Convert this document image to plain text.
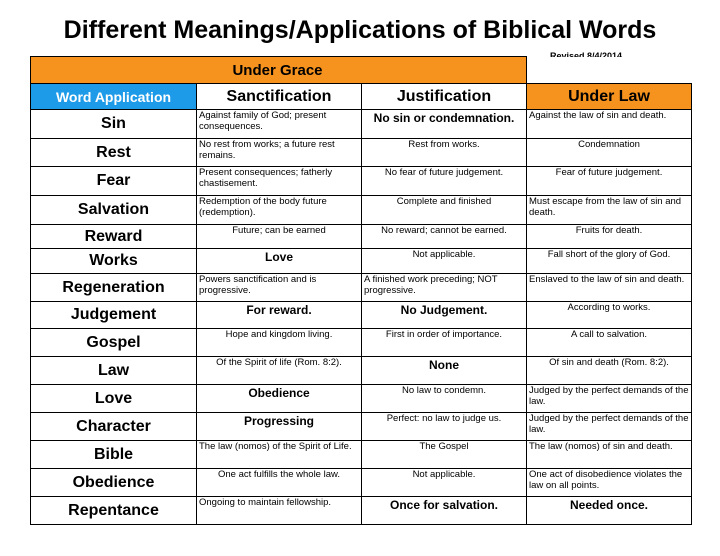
Different Meanings/Applications of Biblical Words
Under Grace			
Word Application	Sanctification	Justification	Under Law
Sin	Against family of God; present consequences.	No sin or condemnation.	Against the law of sin and death.
Rest	No rest from works; a future rest remains.	Rest from works.	Condemnation
Fear	Present consequences; fatherly chastisement.	No fear of future judgement.	Fear of future judgement.
Salvation	Redemption of the body future (redemption).	Complete and finished	Must escape from the law of sin and death.
Reward	Future; can be earned	No reward; cannot be earned.	Fruits for death.
Works	Love	Not applicable.	Fall short of the glory of God.
Regeneration	Powers sanctification and is progressive.	A finished work preceding; NOT progressive.	Enslaved to the law of sin and death.
Judgement	For reward.	No Judgement.	According to works.
Gospel	Hope and kingdom living.	First in order of importance.	A call to salvation.
Law	Of the Spirit of life (Rom. 8:2).	None	Of sin and death (Rom. 8:2).
Love	Obedience	No law to condemn.	Judged by the perfect demands of the law.
Character	Progressing	Perfect: no law to judge us.	Judged by the perfect demands of the law.
Bible	The law (nomos) of the Spirit of Life.	The Gospel	The law (nomos) of sin and death.
Obedience	One act fulfills the whole law.	Not applicable.	One act of disobedience violates the law on all points.
Repentance	Ongoing to maintain fellowship.	Once for salvation.	Needed once.
